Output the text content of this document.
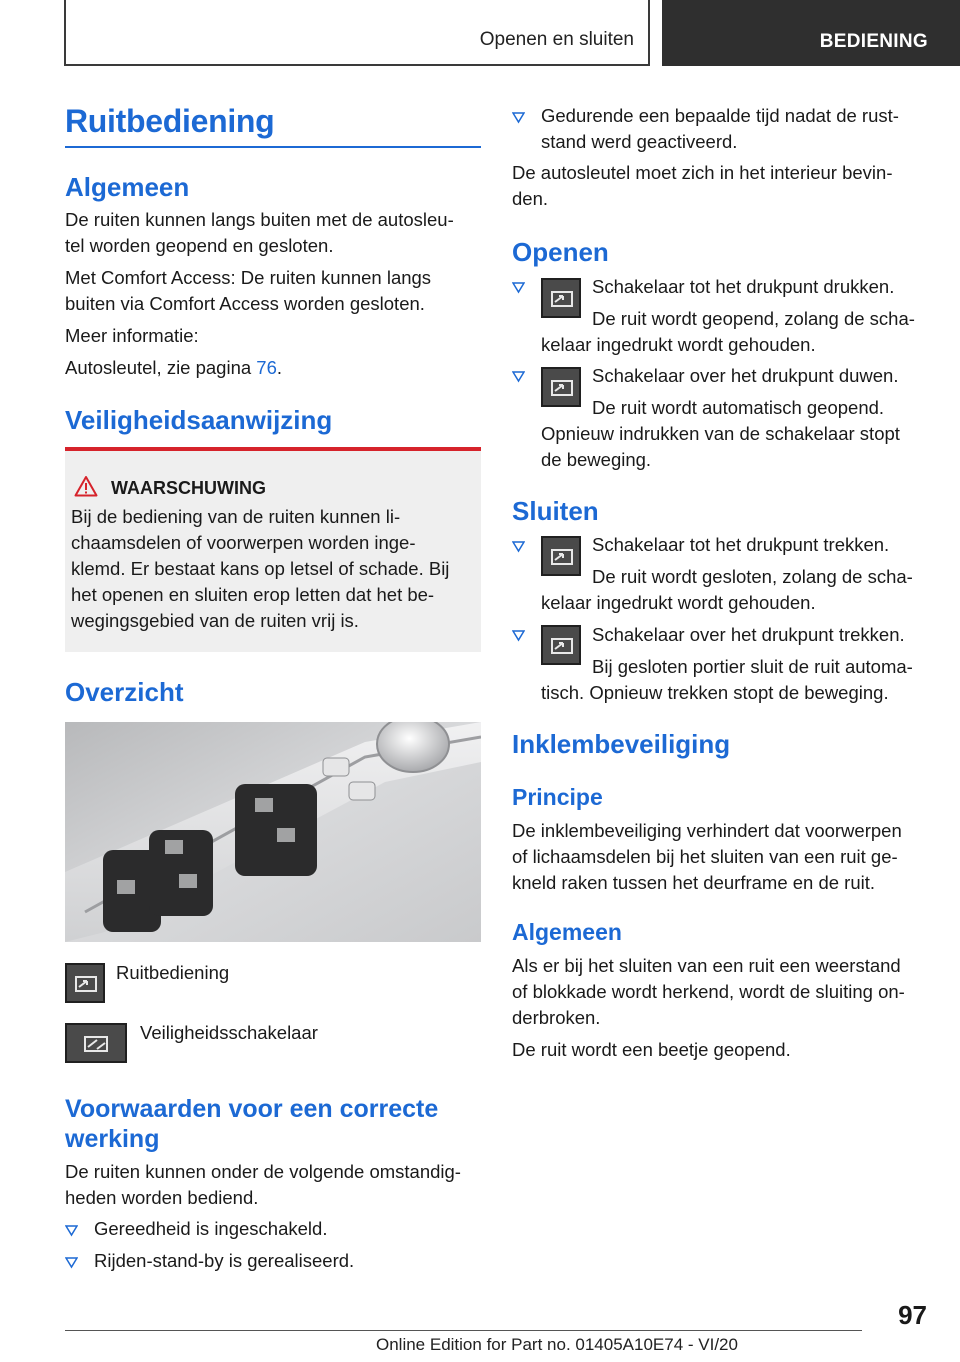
Openen en sluiten	BEDIENING
Ruitbediening
Algemeen
De ruiten kunnen langs buiten met de autosleu-
tel worden geopend en gesloten.
Met Comfort Access: De ruiten kunnen langs
buiten via Comfort Access worden gesloten.
Meer informatie:
Autosleutel, zie pagina 76.
Veiligheidsaanwijzing
WAARSCHUWING
Bij de bediening van de ruiten kunnen li-
chaamsdelen of voorwerpen worden inge-
klemd. Er bestaat kans op letsel of schade. Bij
het openen en sluiten erop letten dat het be-
wegingsgebied van de ruiten vrij is.
Overzicht
Ruitbediening
Veiligheidsschakelaar
Voorwaarden voor een correcte
werking
De ruiten kunnen onder de volgende omstandig-
heden worden bediend.
Gereedheid is ingeschakeld.
Rijden-stand-by is gerealiseerd.
Gedurende een bepaalde tijd nadat de rust-
stand werd geactiveerd.
De autosleutel moet zich in het interieur bevin-
den.
Openen
Schakelaar tot het drukpunt drukken.
De ruit wordt geopend, zolang de scha-
kelaar ingedrukt wordt gehouden.
Schakelaar over het drukpunt duwen.
De ruit wordt automatisch geopend.
Opnieuw indrukken van de schakelaar stopt
de beweging.
Sluiten
Schakelaar tot het drukpunt trekken.
De ruit wordt gesloten, zolang de scha-
kelaar ingedrukt wordt gehouden.
Schakelaar over het drukpunt trekken.
Bij gesloten portier sluit de ruit automa-
tisch. Opnieuw trekken stopt de beweging.
Inklembeveiliging
Principe
De inklembeveiliging verhindert dat voorwerpen
of lichaamsdelen bij het sluiten van een ruit ge-
kneld raken tussen het deurframe en de ruit.
Algemeen
Als er bij het sluiten van een ruit een weerstand
of blokkade wordt herkend, wordt de sluiting on-
derbroken.
De ruit wordt een beetje geopend.
97
Online Edition for Part no. 01405A10E74 - VI/20
